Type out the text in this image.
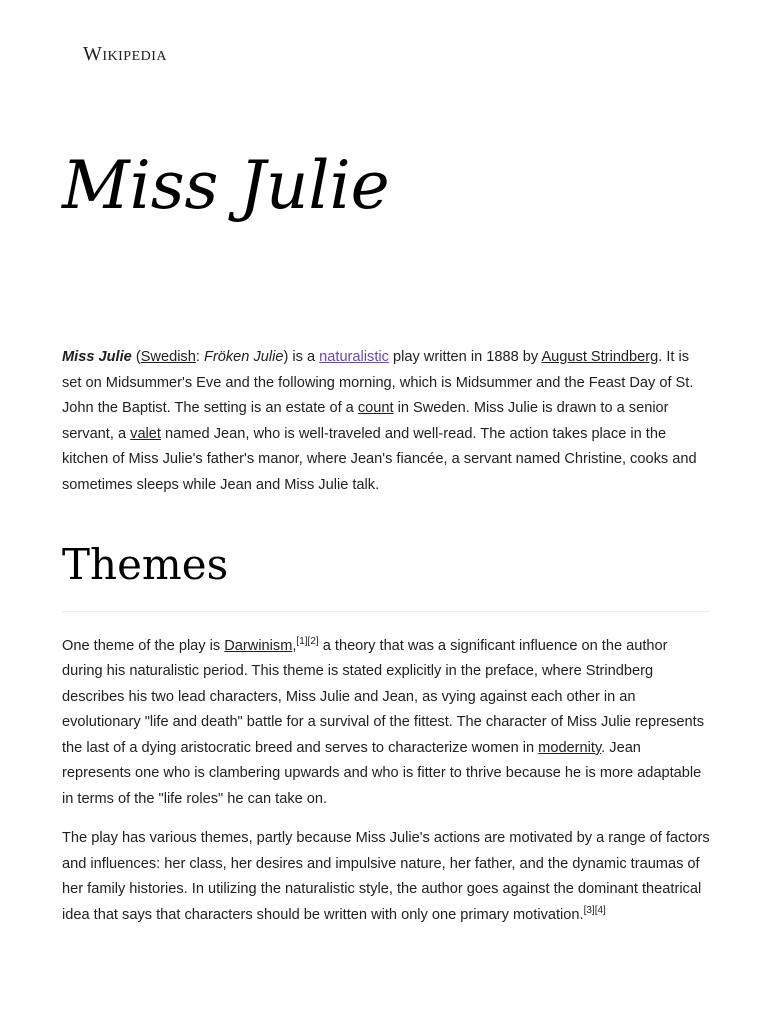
Wikipedia
Miss Julie

Miss Julie (Swedish: Fröken Julie) is a naturalistic play written in 1888 by August Strindberg. It is set on Midsummer's Eve and the following morning, which is Midsummer and the Feast Day of St. John the Baptist. The setting is an estate of a count in Sweden. Miss Julie is drawn to a senior servant, a valet named Jean, who is well-traveled and well-read. The action takes place in the kitchen of Miss Julie's father's manor, where Jean's fiancée, a servant named Christine, cooks and sometimes sleeps while Jean and Miss Julie talk.

Themes

One theme of the play is Darwinism,[1][2] a theory that was a significant influence on the author during his naturalistic period. This theme is stated explicitly in the preface, where Strindberg describes his two lead characters, Miss Julie and Jean, as vying against each other in an evolutionary "life and death" battle for a survival of the fittest. The character of Miss Julie represents the last of a dying aristocratic breed and serves to characterize women in modernity. Jean represents one who is clambering upwards and who is fitter to thrive because he is more adaptable in terms of the "life roles" he can take on.

The play has various themes, partly because Miss Julie's actions are motivated by a range of factors and influences: her class, her desires and impulsive nature, her father, and the dynamic traumas of her family histories. In utilizing the naturalistic style, the author goes against the dominant theatrical idea that says that characters should be written with only one primary motivation.[3][4]
